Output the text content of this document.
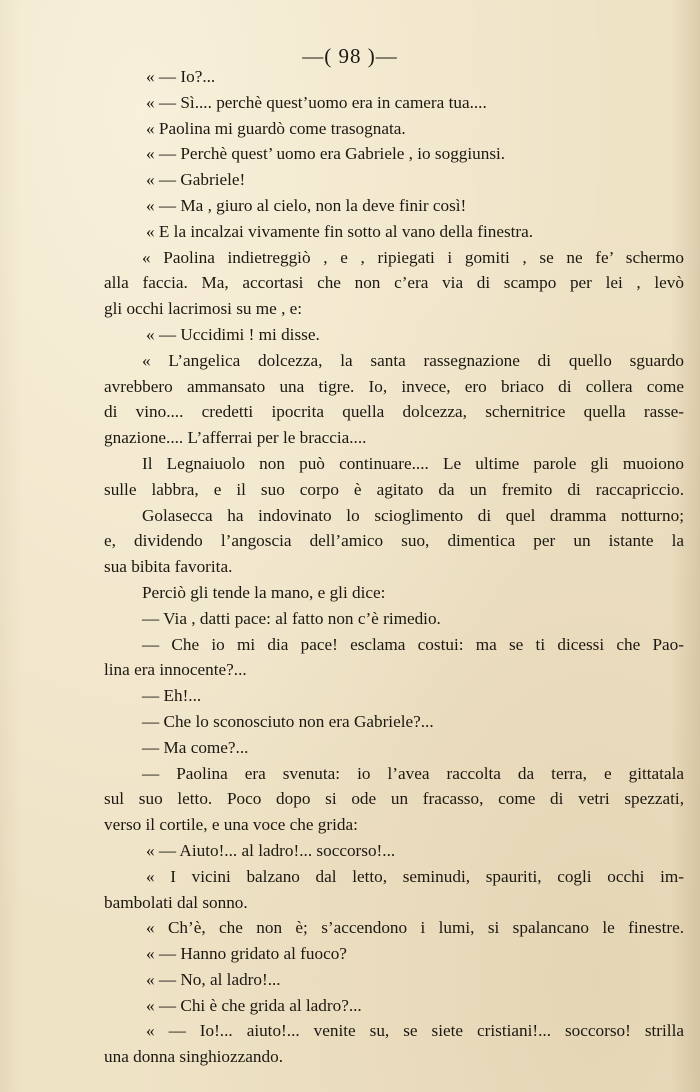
—( 98 )—
« — Io?...
« — Sì.... perchè quest’uomo era in camera tua....
« Paolina mi guardò come trasognata.
« — Perchè quest’ uomo era Gabriele , io soggiunsi.
« — Gabriele!
« — Ma , giuro al cielo, non la deve finir così!
« E la incalzai vivamente fin sotto al vano della finestra.
« Paolina indietreggiò , e , ripiegati i gomiti , se ne fe’ schermo
alla faccia. Ma, accortasi che non c’era via di scampo per lei , levò
gli occhi lacrimosi su me , e:
« — Uccidimi ! mi disse.
« L’angelica dolcezza, la santa rassegnazione di quello sguardo
avrebbero ammansato una tigre. Io, invece, ero briaco di collera come
di vino.... credetti ipocrita quella dolcezza, schernitrice quella rasse-
gnazione.... L’afferrai per le braccia....
Il Legnaiuolo non può continuare.... Le ultime parole gli muoiono
sulle labbra, e il suo corpo è agitato da un fremito di raccapriccio.
Golasecca ha indovinato lo scioglimento di quel dramma notturno;
e, dividendo l’angoscia dell’amico suo, dimentica per un istante la
sua bibita favorita.
Perciò gli tende la mano, e gli dice:
— Via , datti pace: al fatto non c’è rimedio.
— Che io mi dia pace! esclama costui: ma se ti dicessi che Pao-
lina era innocente?...
— Eh!...
— Che lo sconosciuto non era Gabriele?...
— Ma come?...
— Paolina era svenuta: io l’avea raccolta da terra, e gittatala
sul suo letto. Poco dopo si ode un fracasso, come di vetri spezzati,
verso il cortile, e una voce che grida:
« — Aiuto!... al ladro!... soccorso!...
« I vicini balzano dal letto, seminudi, spauriti, cogli occhi im-
bambolati dal sonno.
« Ch’è, che non è; s’accendono i lumi, si spalancano le finestre.
« — Hanno gridato al fuoco?
« — No, al ladro!...
« — Chi è che grida al ladro?...
« — Io!... aiuto!... venite su, se siete cristiani!... soccorso! strilla
una donna singhiozzando.
